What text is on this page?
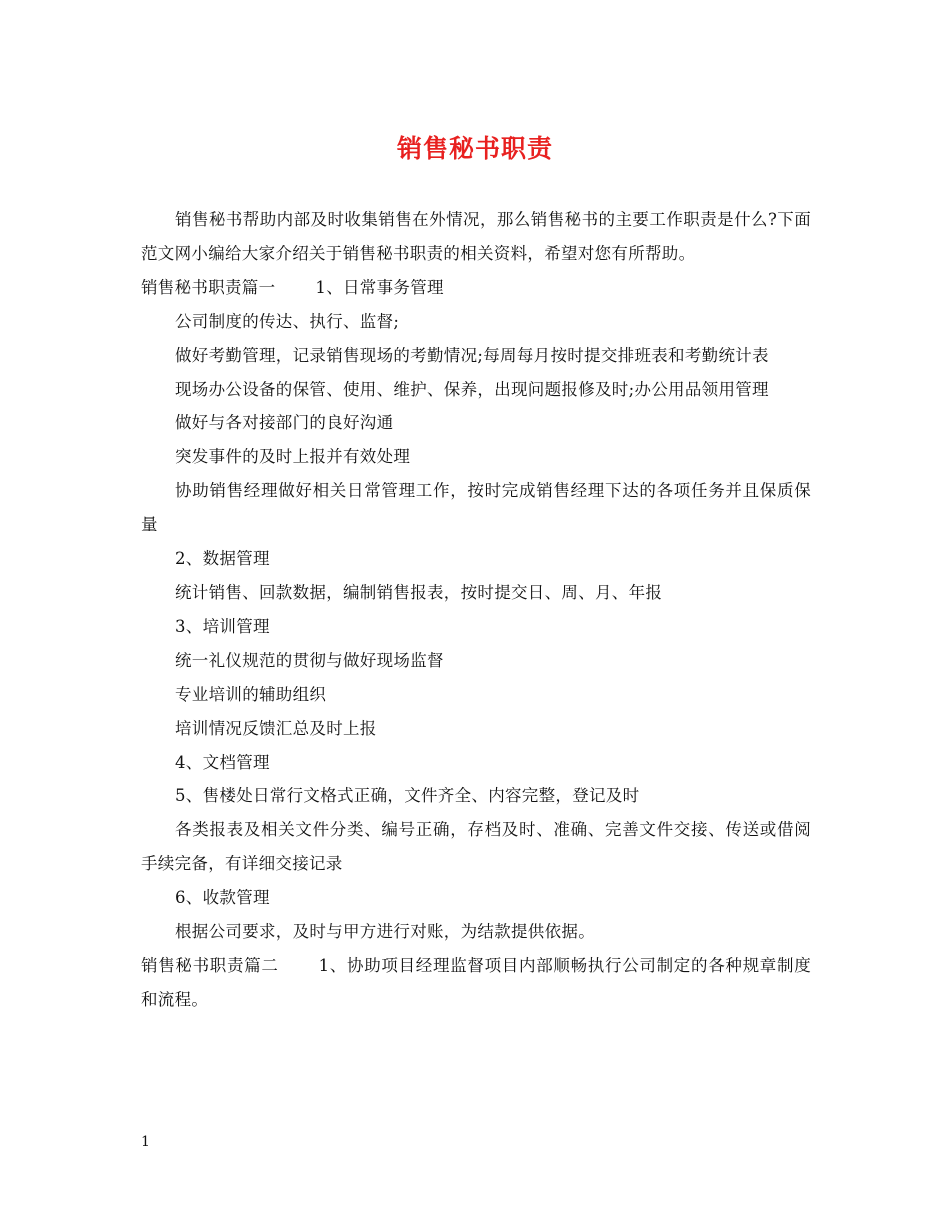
销售秘书职责

销售秘书帮助内部及时收集销售在外情况，那么销售秘书的主要工作职责是什么?下面范文网小编给大家介绍关于销售秘书职责的相关资料，希望对您有所帮助。

销售秘书职责篇一 1、日常事务管理

公司制度的传达、执行、监督;

做好考勤管理，记录销售现场的考勤情况;每周每月按时提交排班表和考勤统计表

现场办公设备的保管、使用、维护、保养，出现问题报修及时;办公用品领用管理

做好与各对接部门的良好沟通

突发事件的及时上报并有效处理

协助销售经理做好相关日常管理工作，按时完成销售经理下达的各项任务并且保质保量

2、数据管理

统计销售、回款数据，编制销售报表，按时提交日、周、月、年报

3、培训管理

统一礼仪规范的贯彻与做好现场监督

专业培训的辅助组织

培训情况反馈汇总及时上报

4、文档管理

5、售楼处日常行文格式正确，文件齐全、内容完整，登记及时

各类报表及相关文件分类、编号正确，存档及时、准确、完善文件交接、传送或借阅手续完备，有详细交接记录

6、收款管理

根据公司要求，及时与甲方进行对账，为结款提供依据。

销售秘书职责篇二 1、协助项目经理监督项目内部顺畅执行公司制定的各种规章制度和流程。

1
